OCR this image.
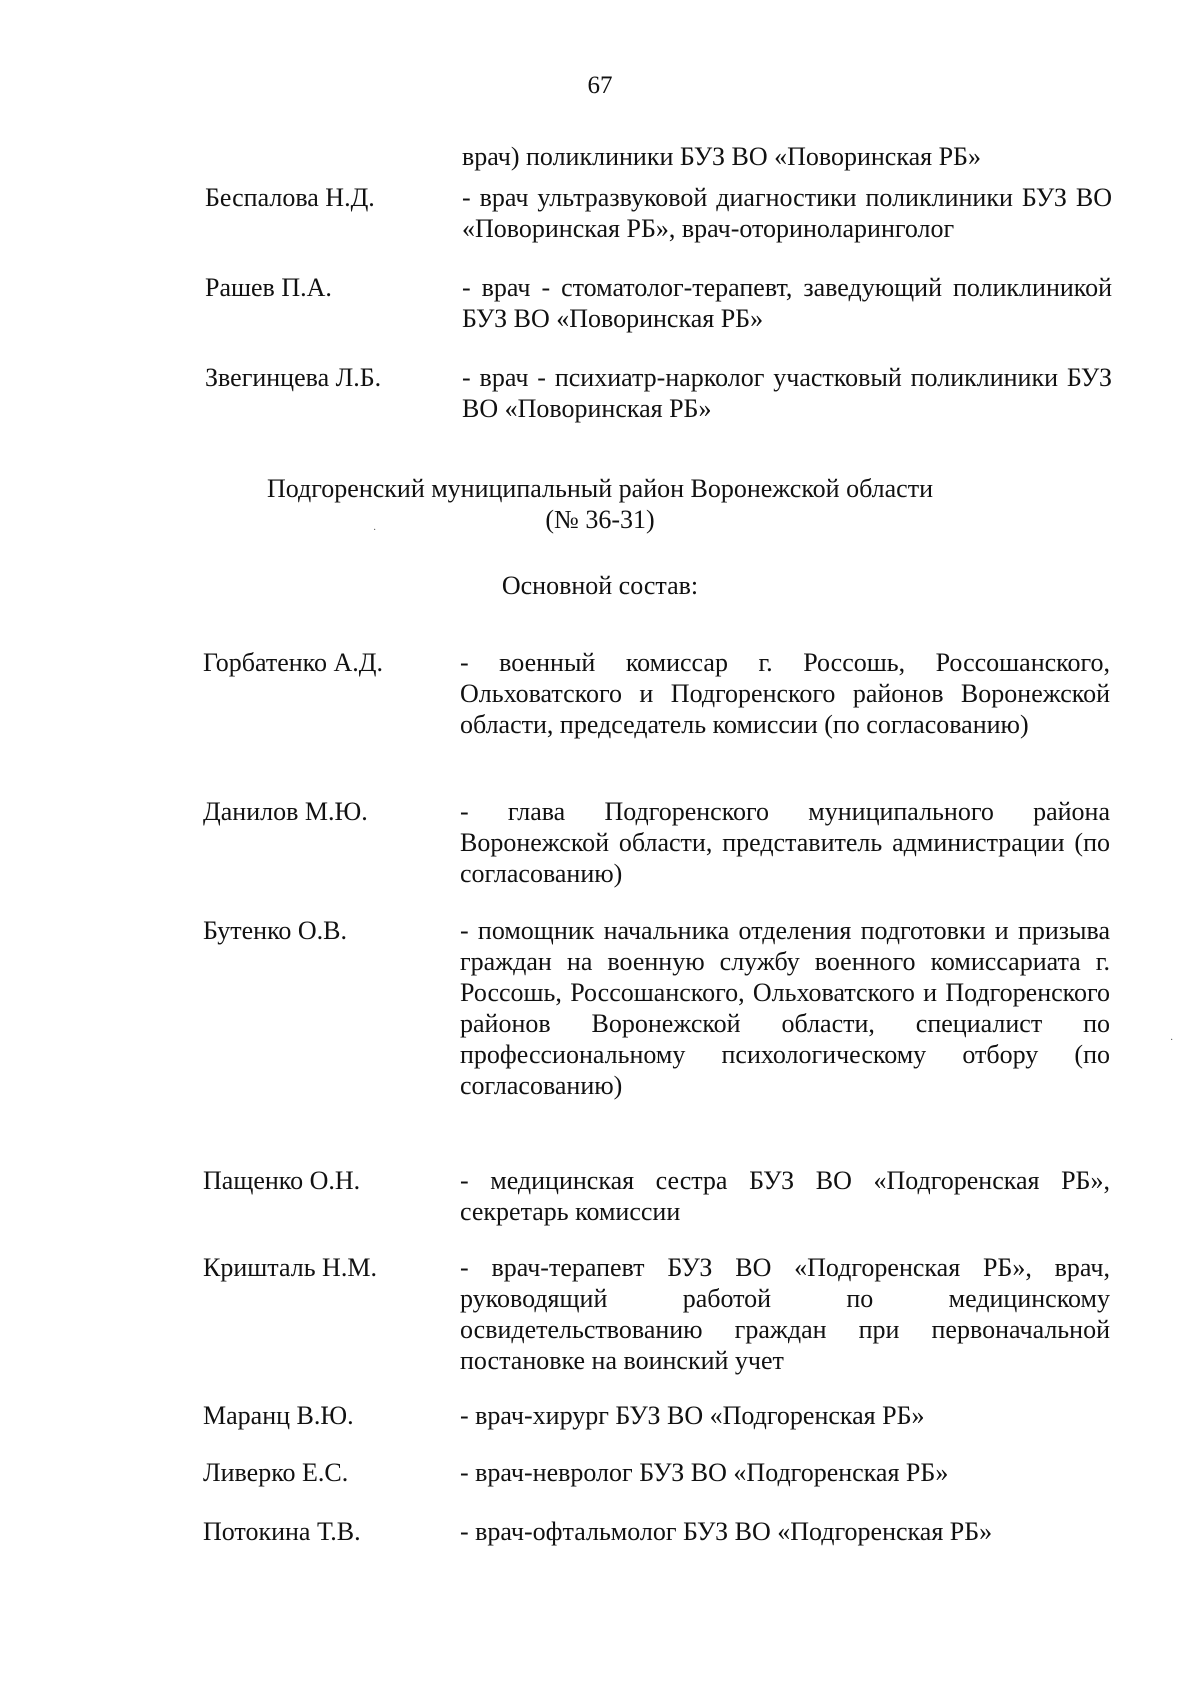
67
врач) поликлиники БУЗ ВО «Поворинская РБ»
Беспалова Н.Д.	- врач ультразвуковой диагностики поликлиники БУЗ ВО «Поворинская РБ», врач-оториноларинголог
Рашев П.А.	- врач - стоматолог-терапевт, заведующий поликлиникой БУЗ ВО «Поворинская РБ»
Звегинцева Л.Б.	- врач - психиатр-нарколог участковый поликлиники БУЗ ВО «Поворинская РБ»
Подгоренский муниципальный район Воронежской области
(№ 36-31)
Основной состав:
Горбатенко А.Д.	- военный комиссар г. Россошь, Россошанского, Ольховатского и Подгоренского районов Воронежской области, председатель комиссии (по согласованию)
Данилов М.Ю.	- глава Подгоренского муниципального района Воронежской области, представитель администрации (по согласованию)
Бутенко О.В.	- помощник начальника отделения подготовки и призыва граждан на военную службу военного комиссариата г. Россошь, Россошанского, Ольховатского и Подгоренского районов Воронежской области, специалист по профессиональному психологическому отбору (по согласованию)
Пащенко О.Н.	- медицинская сестра БУЗ ВО «Подгоренская РБ», секретарь комиссии
Кришталь Н.М.	- врач-терапевт БУЗ ВО «Подгоренская РБ», врач, руководящий работой по медицинскому освидетельствованию граждан при первоначальной постановке на воинский учет
Маранц В.Ю.	- врач-хирург БУЗ ВО «Подгоренская РБ»
Ливерко Е.С.	- врач-невролог БУЗ ВО «Подгоренская РБ»
Потокина Т.В.	- врач-офтальмолог БУЗ ВО «Подгоренская РБ»
·
·
